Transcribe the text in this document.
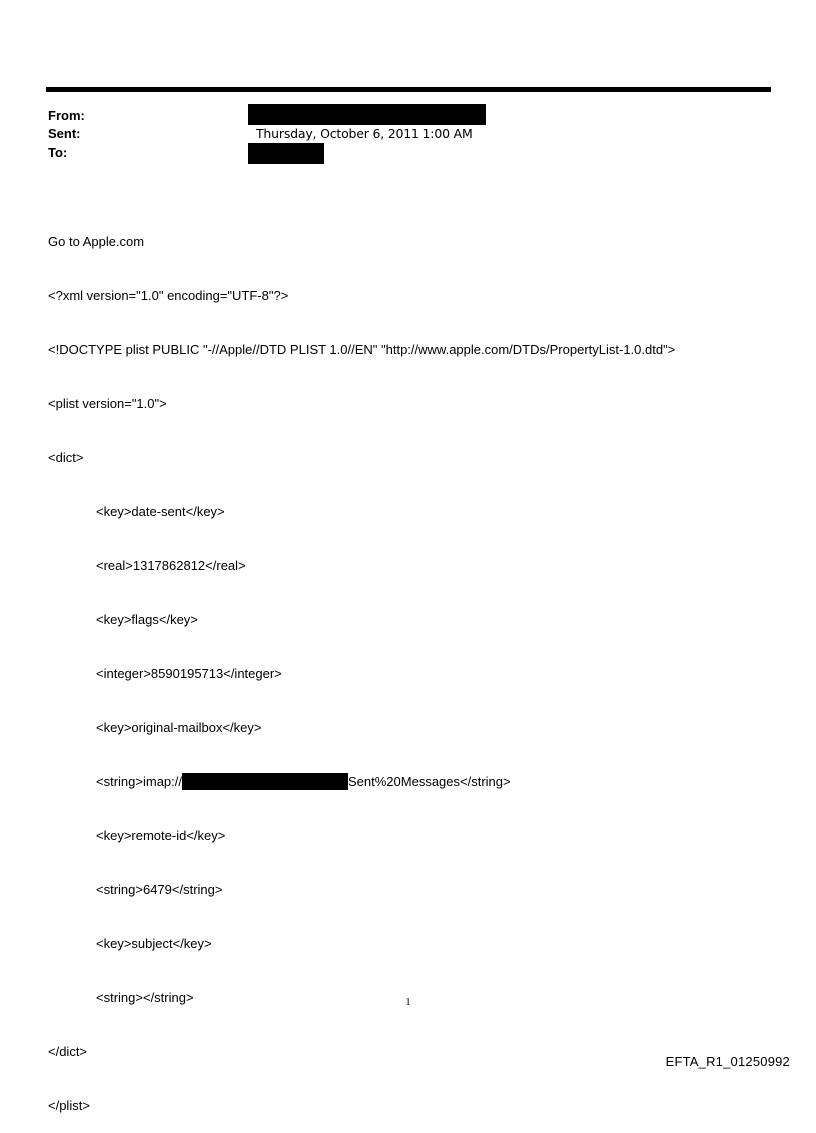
From:
Sent:	Thursday, October 6, 2011 1:00 AM
To:

Go to Apple.com

<?xml version="1.0" encoding="UTF-8"?>

<!DOCTYPE plist PUBLIC "-//Apple//DTD PLIST 1.0//EN" "http://www.apple.com/DTDs/PropertyList-1.0.dtd">

<plist version="1.0">

<dict>

<key>date-sent</key>

<real>1317862812</real>

<key>flags</key>

<integer>8590195713</integer>

<key>original-mailbox</key>

<string>imap://	Sent%20Messages</string>

<key>remote-id</key>

<string>6479</string>

<key>subject</key>

<string></string>

</dict>

</plist>

1
EFTA_R1_01250992
